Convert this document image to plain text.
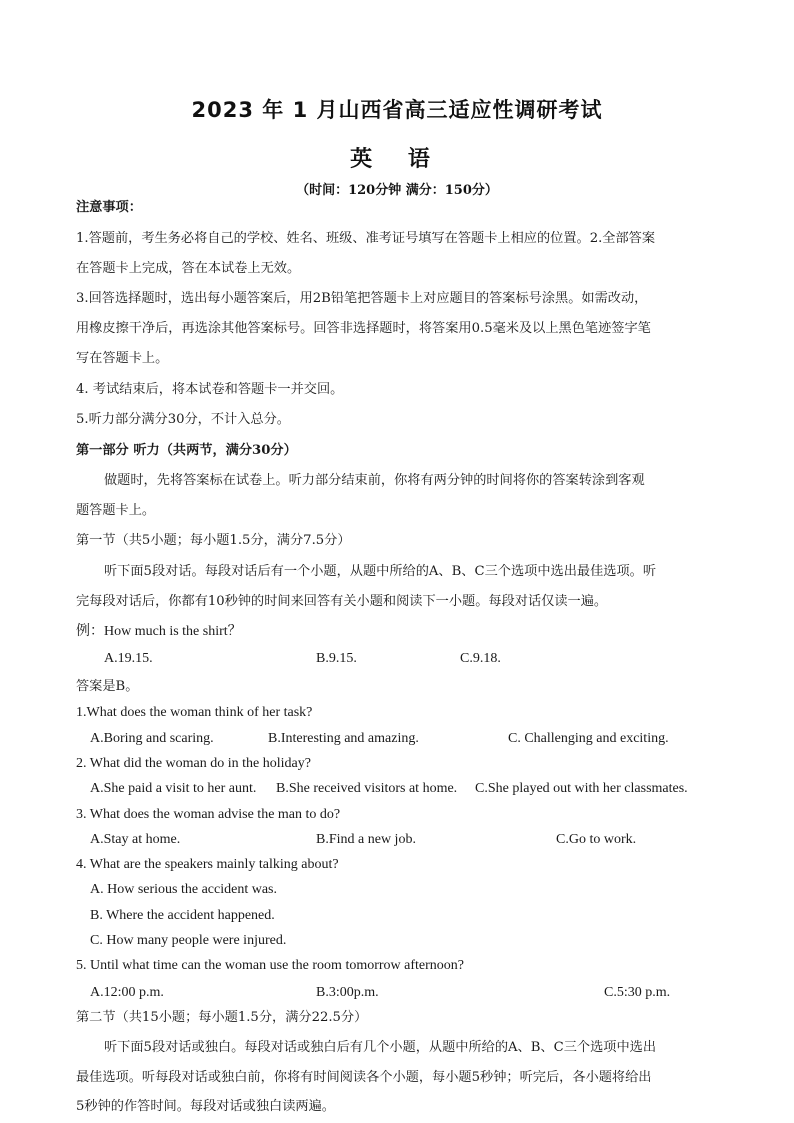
2023 年 1 月山西省高三适应性调研考试
英 语
（时间：120分钟 满分：150分）
注意事项：
1.答题前，考生务必将自己的学校、姓名、班级、准考证号填写在答题卡上相应的位置。2.全部答案
在答题卡上完成，答在本试卷上无效。
3.回答选择题时，选出每小题答案后，用2B铅笔把答题卡上对应题目的答案标号涂黑。如需改动，
用橡皮擦干净后，再选涂其他答案标号。回答非选择题时，将答案用0.5毫米及以上黑色笔迹签字笔
写在答题卡上。
4. 考试结束后，将本试卷和答题卡一并交回。
5.听力部分满分30分，不计入总分。
第一部分 听力（共两节，满分30分）
做题时，先将答案标在试卷上。听力部分结束前，你将有两分钟的时间将你的答案转涂到客观
题答题卡上。
第一节（共5小题；每小题1.5分，满分7.5分）
听下面5段对话。每段对话后有一个小题，从题中所给的A、B、C三个选项中选出最佳选项。听
完每段对话后，你都有10秒钟的时间来回答有关小题和阅读下一小题。每段对话仅读一遍。
例：How much is the shirt？
A.19.15.	B.9.15.	C.9.18.
答案是B。
1.What does the woman think of her task?
A.Boring and scaring.	B.Interesting and amazing.	C. Challenging and exciting.
2. What did the woman do in the holiday?
A.She paid a visit to her aunt. B.She received visitors at home. C.She played out with her classmates.
3. What does the woman advise the man to do?
A.Stay at home.	B.Find a new job.	C.Go to work.
4. What are the speakers mainly talking about?
A. How serious the accident was.
B. Where the accident happened.
C. How many people were injured.
5. Until what time can the woman use the room tomorrow afternoon?
A.12:00 p.m.	B.3:00p.m.	C.5:30 p.m.
第二节（共15小题；每小题1.5分，满分22.5分）
听下面5段对话或独白。每段对话或独白后有几个小题，从题中所给的A、B、C三个选项中选出
最佳选项。听每段对话或独白前，你将有时间阅读各个小题，每小题5秒钟；听完后，各小题将给出
5秒钟的作答时间。每段对话或独白读两遍。
